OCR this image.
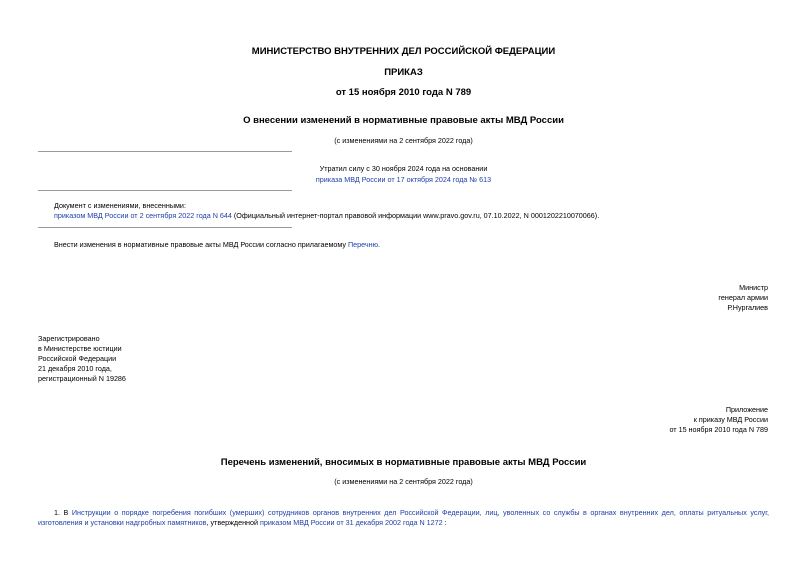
МИНИСТЕРСТВО ВНУТРЕННИХ ДЕЛ РОССИЙСКОЙ ФЕДЕРАЦИИ
ПРИКАЗ
от 15 ноября 2010 года N 789
О внесении изменений в нормативные правовые акты МВД России
(с изменениями на 2 сентября 2022 года)
Утратил силу с 30 ноября 2024 года на основании
приказа МВД России от 17 октября 2024 года № 613
Документ с изменениями, внесенными:
приказом МВД России от 2 сентября 2022 года N 644 (Официальный интернет-портал правовой информации www.pravo.gov.ru, 07.10.2022, N 0001202210070066).
Внести изменения в нормативные правовые акты МВД России согласно прилагаемому Перечню.
Министр
генерал армии
Р.Нургалиев
Зарегистрировано
в Министерстве юстиции
Российской Федерации
21 декабря 2010 года,
регистрационный N 19286
Приложение
к приказу МВД России
от 15 ноября 2010 года N 789
Перечень изменений, вносимых в нормативные правовые акты МВД России
(с изменениями на 2 сентября 2022 года)
1. В Инструкции о порядке погребения погибших (умерших) сотрудников органов внутренних дел Российской Федерации, лиц, уволенных со службы в органах внутренних дел, оплаты ритуальных услуг, изготовления и установки надгробных памятников, утвержденной приказом МВД России от 31 декабря 2002 года N 1272 :
